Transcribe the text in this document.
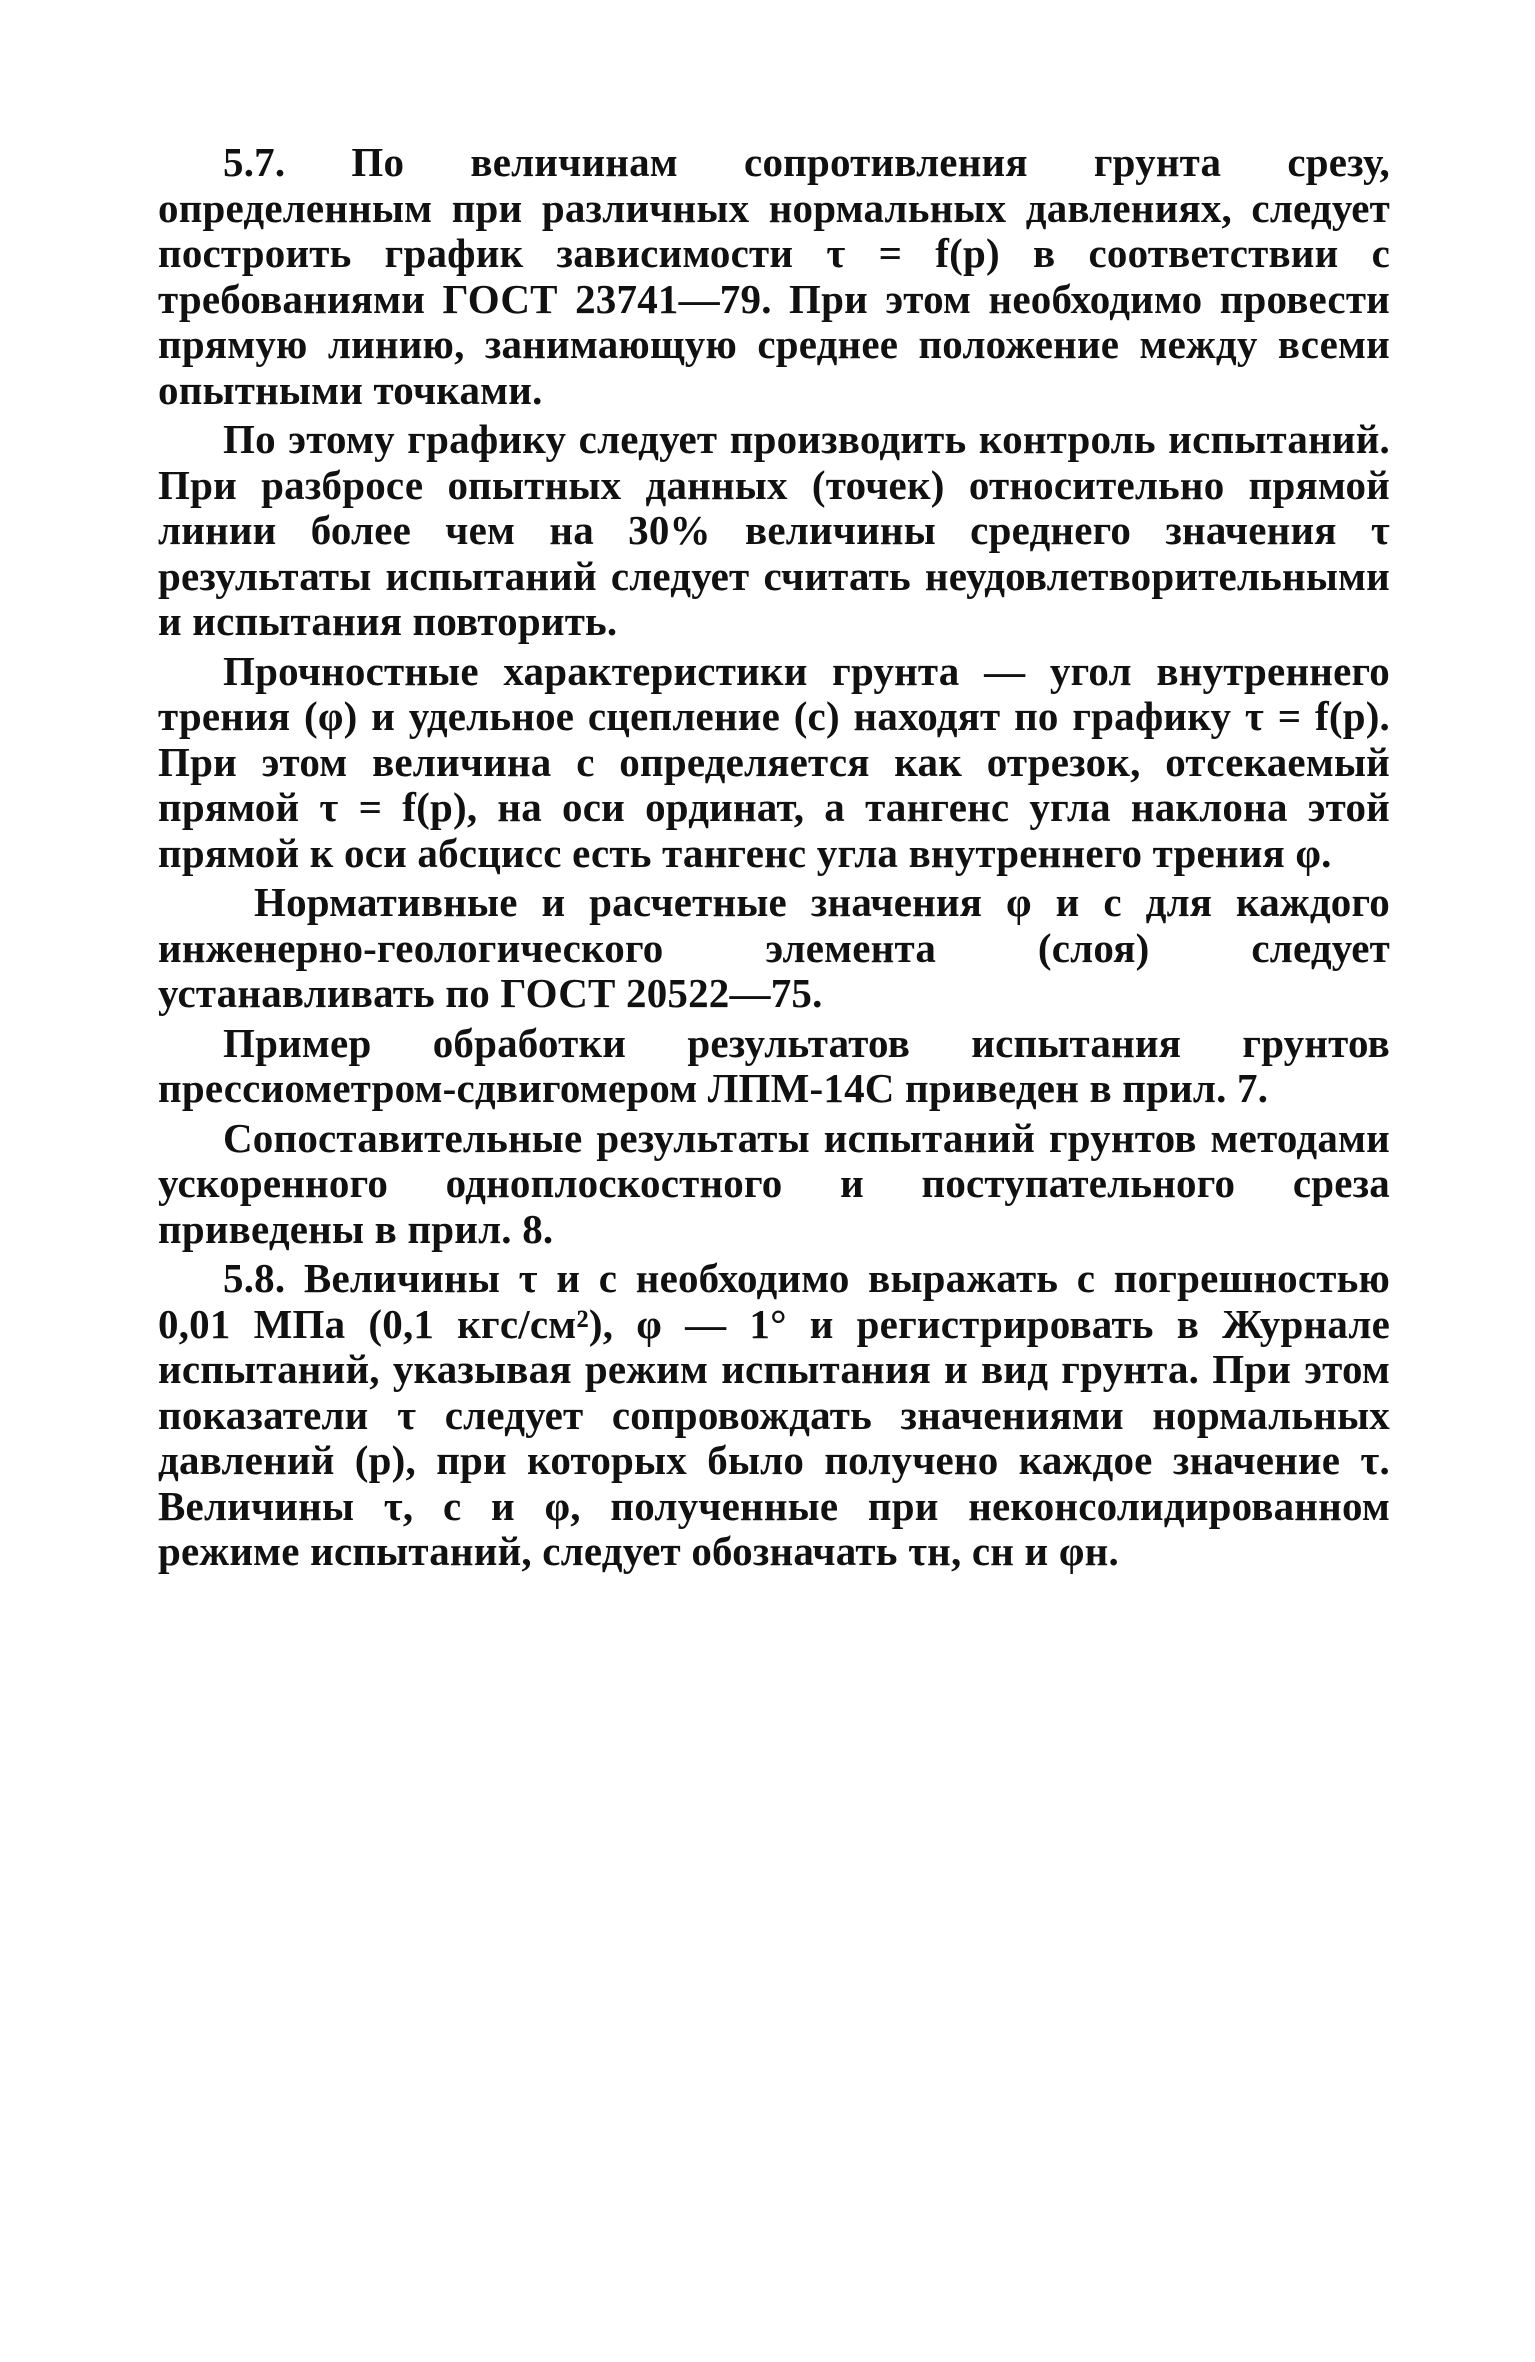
5.7. По величинам сопротивления грунта срезу, определенным при различных нормальных давлениях, следует построить график зависимости τ = f(p) в соответствии с требованиями ГОСТ 23741—79. При этом необходимо провести прямую линию, занимающую среднее положение между всеми опытными точками.

По этому графику следует производить контроль испытаний. При разбросе опытных данных (точек) относительно прямой линии более чем на 30% величины среднего значения τ результаты испытаний следует считать неудовлетворительными и испытания повторить.

Прочностные характеристики грунта — угол внутреннего трения (φ) и удельное сцепление (c) находят по графику τ = f(p). При этом величина c определяется как отрезок, отсекаемый прямой τ = f(p), на оси ординат, а тангенс угла наклона этой прямой к оси абсцисс есть тангенс угла внутреннего трения φ.

Нормативные и расчетные значения φ и c для каждого инженерно-геологического элемента (слоя) следует устанавливать по ГОСТ 20522—75.

Пример обработки результатов испытания грунтов прессиометром-сдвигомером ЛПМ-14С приведен в прил. 7.

Сопоставительные результаты испытаний грунтов методами ускоренного одноплоскостного и поступательного среза приведены в прил. 8.

5.8. Величины τ и c необходимо выражать с погрешностью 0,01 МПа (0,1 кгс/см²), φ — 1° и регистрировать в Журнале испытаний, указывая режим испытания и вид грунта. При этом показатели τ следует сопровождать значениями нормальных давлений (p), при которых было получено каждое значение τ. Величины τ, c и φ, полученные при неконсолидированном режиме испытаний, следует обозначать τн, cн и φн.
